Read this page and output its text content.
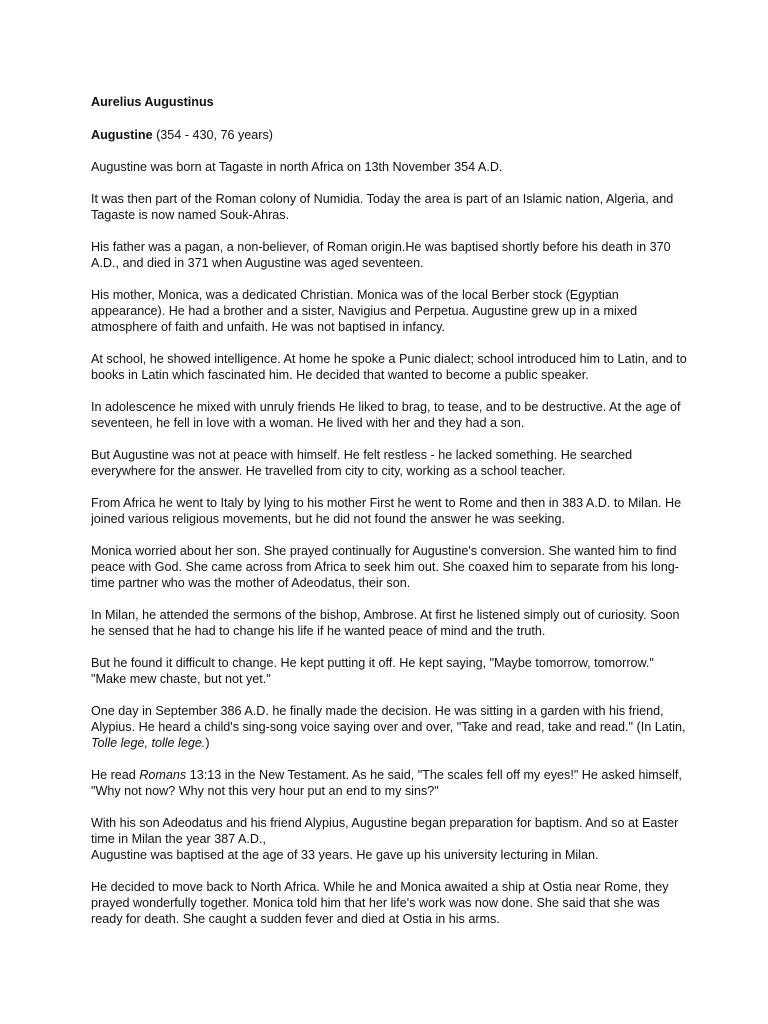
Aurelius Augustinus

Augustine (354 - 430, 76 years)

Augustine was born at Tagaste in north Africa on 13th November 354 A.D.

It was then part of the Roman colony of Numidia. Today the area is part of an Islamic nation, Algeria, and Tagaste is now named Souk-Ahras.

His father was a pagan, a non-believer, of Roman origin.He was baptised shortly before his death in 370 A.D., and died in 371 when Augustine was aged seventeen.

His mother, Monica, was a dedicated Christian. Monica was of the local Berber stock (Egyptian appearance). He had a brother and a sister, Navigius and Perpetua. Augustine grew up in a mixed atmosphere of faith and unfaith. He was not baptised in infancy.

At school, he showed intelligence. At home he spoke a Punic dialect; school introduced him to Latin, and to books in Latin which fascinated him. He decided that wanted to become a public speaker.

In adolescence he mixed with unruly friends He liked to brag, to tease, and to be destructive. At the age of seventeen, he fell in love with a woman. He lived with her and they had a son.

But Augustine was not at peace with himself. He felt restless - he lacked something. He searched everywhere for the answer. He travelled from city to city, working as a school teacher.

From Africa he went to Italy by lying to his mother First he went to Rome and then in 383 A.D. to Milan. He joined various religious movements, but he did not found the answer he was seeking.

Monica worried about her son. She prayed continually for Augustine's conversion. She wanted him to find peace with God. She came across from Africa to seek him out. She coaxed him to separate from his long-time partner who was the mother of Adeodatus, their son.

In Milan, he attended the sermons of the bishop, Ambrose. At first he listened simply out of curiosity. Soon he sensed that he had to change his life if he wanted peace of mind and the truth.

But he found it difficult to change. He kept putting it off. He kept saying, "Maybe tomorrow, tomorrow."
"Make mew chaste, but not yet."

One day in September 386 A.D. he finally made the decision. He was sitting in a garden with his friend, Alypius. He heard a child's sing-song voice saying over and over, "Take and read, take and read." (In Latin, Tolle lege, tolle lege.)

He read Romans 13:13 in the New Testament. As he said, "The scales fell off my eyes!" He asked himself, "Why not now? Why not this very hour put an end to my sins?"

With his son Adeodatus and his friend Alypius, Augustine began preparation for baptism. And so at Easter time in Milan the year 387 A.D.,
Augustine was baptised at the age of 33 years. He gave up his university lecturing in Milan.

He decided to move back to North Africa. While he and Monica awaited a ship at Ostia near Rome, they prayed wonderfully together. Monica told him that her life's work was now done. She said that she was ready for death. She caught a sudden fever and died at Ostia in his arms.
